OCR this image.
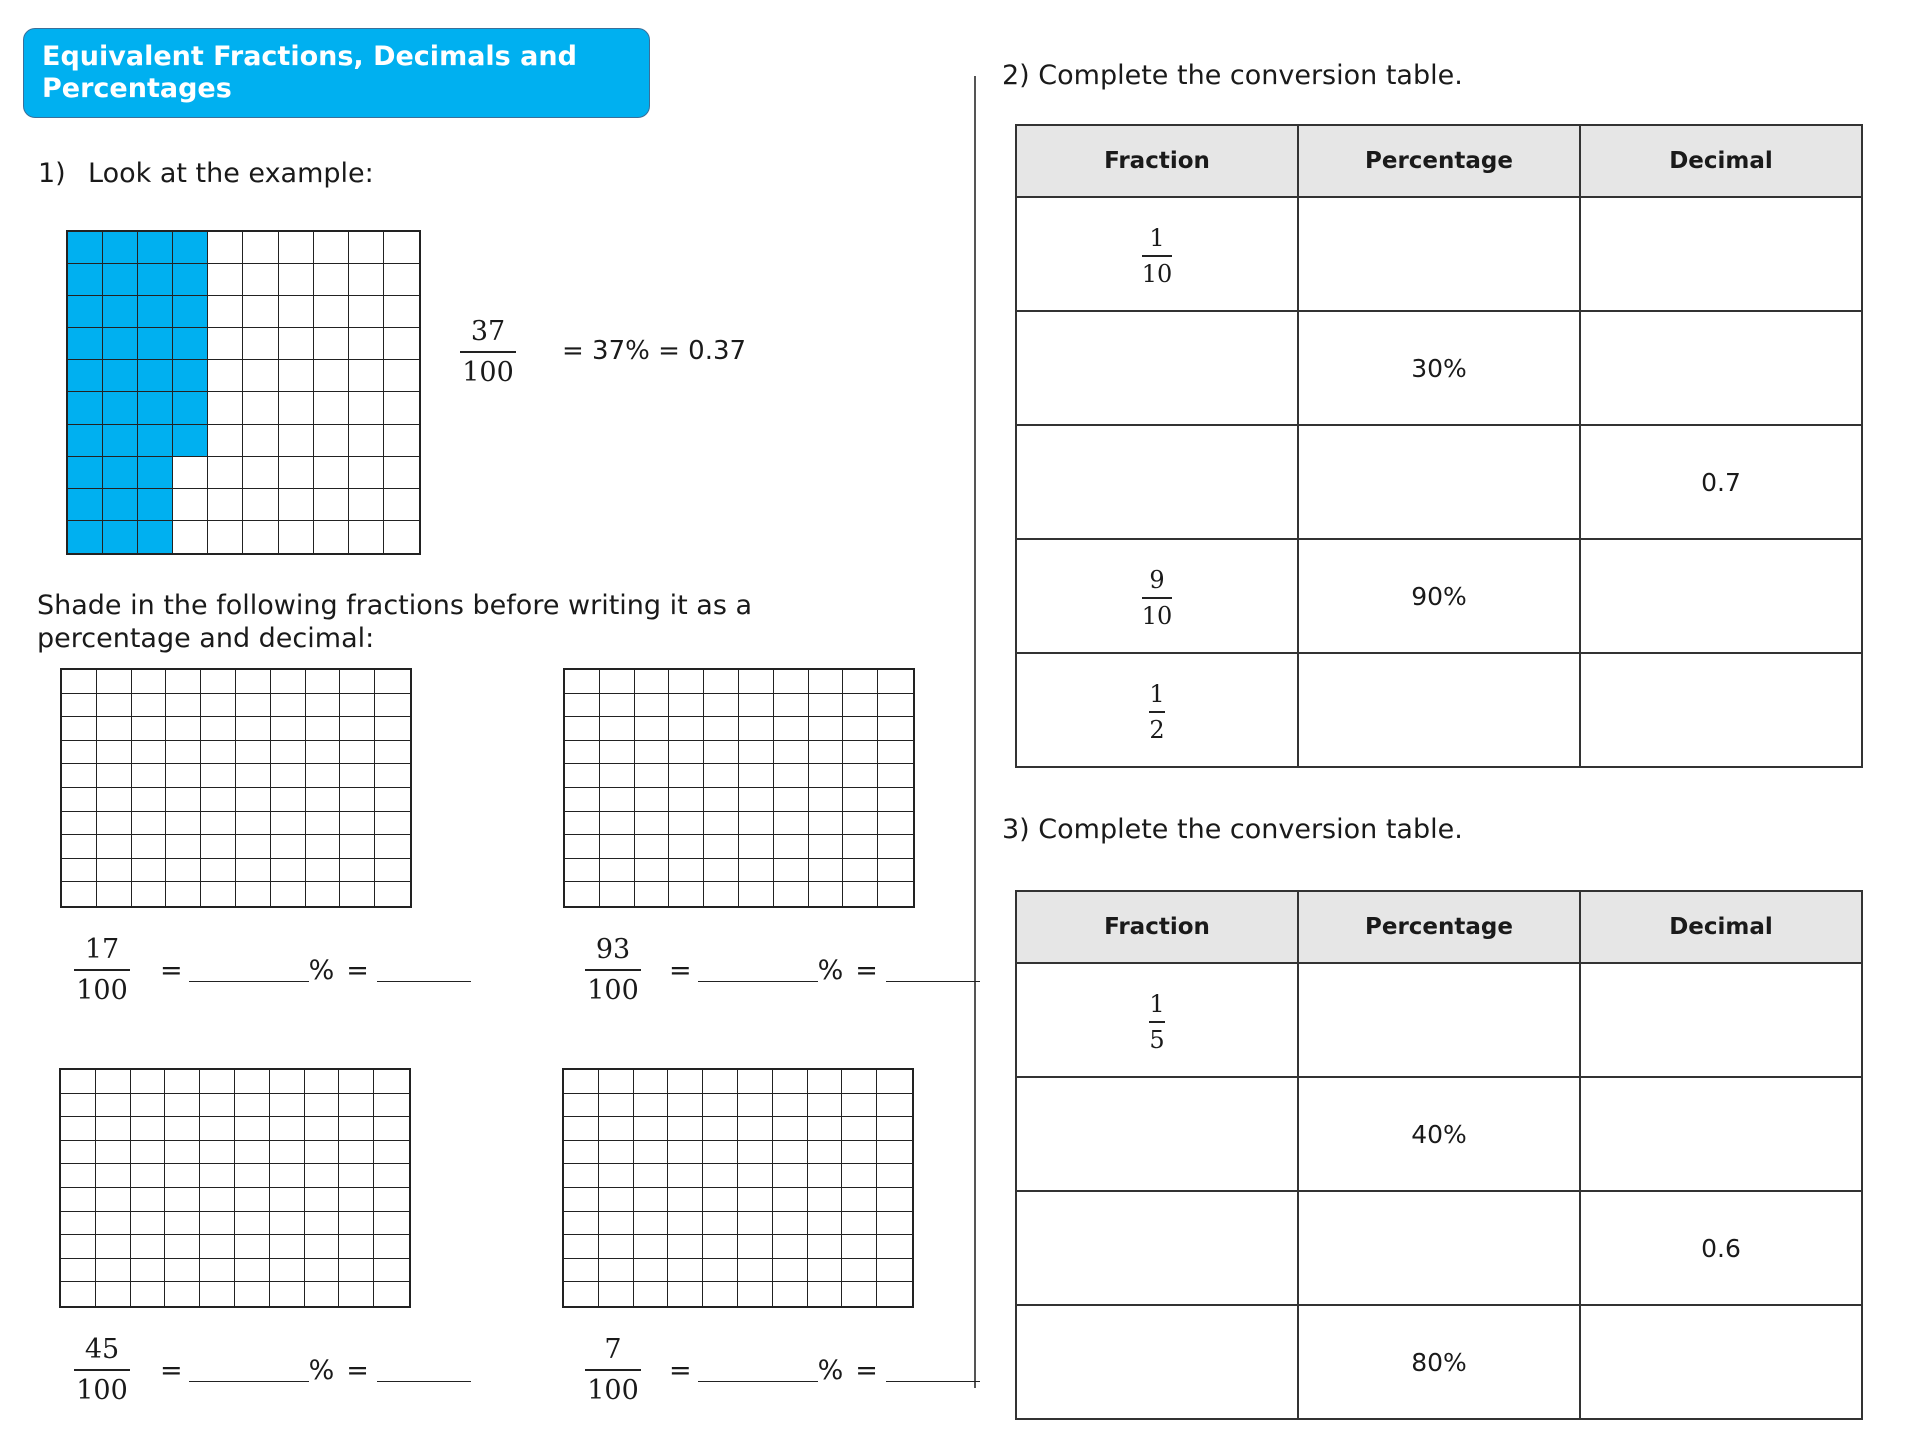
Equivalent Fractions, Decimals and Percentages
1) Look at the example:
37
100
= 37% = 0.37
Shade in the following fractions before writing it as a percentage and decimal:
$\frac{17}{100}$ =	% =	$\frac{93}{100}$ =	% =
$\frac{45}{100}$ =	% =	$\frac{7}{100}$ =	% =
2) Complete the conversion table.
Fraction	Percentage	Decimal

$\frac{1}{10}$

	30%	
		0.7

$\frac{9}{10}$	90%	

$\frac{1}{2}$

3) Complete the conversion table.
Fraction	Percentage	Decimal

$\frac{1}{5}$

	40%	
		0.6
	80%	
